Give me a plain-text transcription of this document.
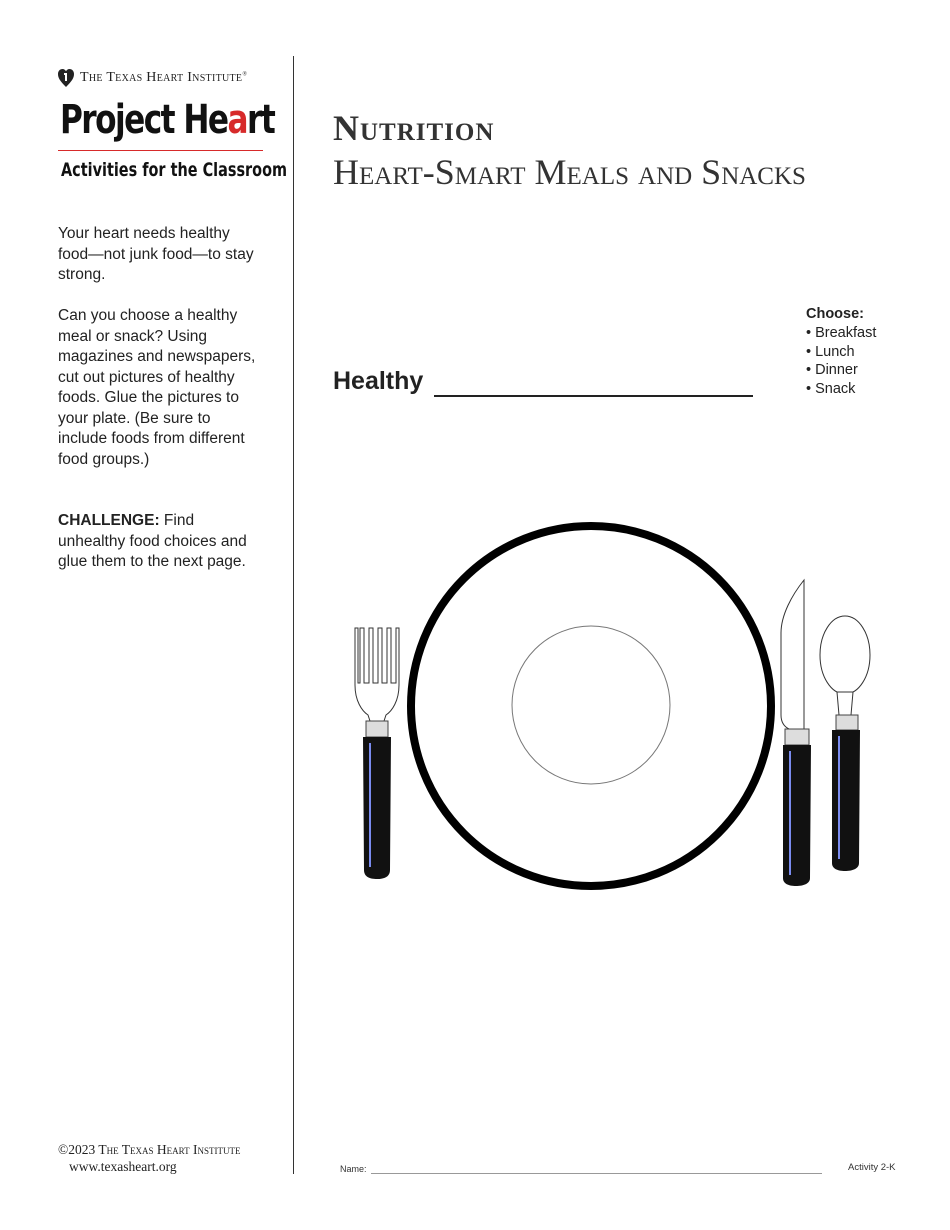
The Texas Heart Institute®
Project Heart
Activities for the Classroom
Your heart needs healthy food—not junk food—to stay strong.
Can you choose a healthy meal or snack? Using magazines and newspapers, cut out pictures of healthy foods. Glue the pictures to your plate. (Be sure to include foods from different food groups.)
CHALLENGE: Find unhealthy food choices and glue them to the next page.
©2023 The Texas Heart Institute
www.texasheart.org
Nutrition
Heart-Smart Meals and Snacks
Healthy
Choose:
• Breakfast
• Lunch
• Dinner
• Snack
Name:	Activity 2-K
